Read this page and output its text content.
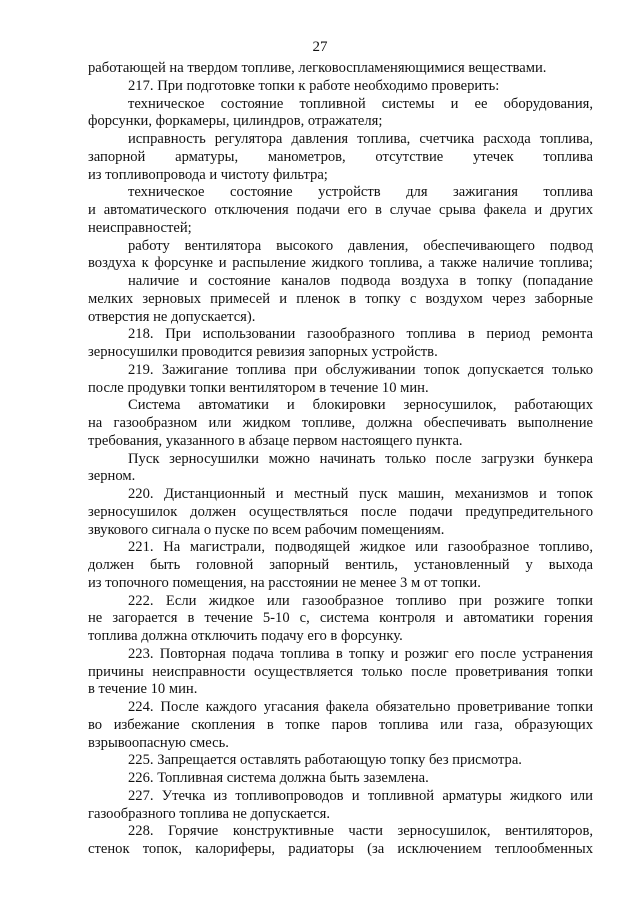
27
работающей на твердом топливе, легковоспламеняющимися веществами.
217. При подготовке топки к работе необходимо проверить:
техническое состояние топливной системы и ее оборудования,
форсунки, форкамеры, цилиндров, отражателя;
исправность регулятора давления топлива, счетчика расхода топлива,
запорной арматуры, манометров, отсутствие утечек топлива
из топливопровода и чистоту фильтра;
техническое состояние устройств для зажигания топлива
и автоматического отключения подачи его в случае срыва факела и других
неисправностей;
работу вентилятора высокого давления, обеспечивающего подвод
воздуха к форсунке и распыление жидкого топлива, а также наличие топлива;
наличие и состояние каналов подвода воздуха в топку (попадание
мелких зерновых примесей и пленок в топку с воздухом через заборные
отверстия не допускается).
218. При использовании газообразного топлива в период ремонта
зерносушилки проводится ревизия запорных устройств.
219. Зажигание топлива при обслуживании топок допускается только
после продувки топки вентилятором в течение 10 мин.
Система автоматики и блокировки зерносушилок, работающих
на газообразном или жидком топливе, должна обеспечивать выполнение
требования, указанного в абзаце первом настоящего пункта.
Пуск зерносушилки можно начинать только после загрузки бункера
зерном.
220. Дистанционный и местный пуск машин, механизмов и топок
зерносушилок должен осуществляться после подачи предупредительного
звукового сигнала о пуске по всем рабочим помещениям.
221. На магистрали, подводящей жидкое или газообразное топливо,
должен быть головной запорный вентиль, установленный у выхода
из топочного помещения, на расстоянии не менее 3 м от топки.
222. Если жидкое или газообразное топливо при розжиге топки
не загорается в течение 5-10 с, система контроля и автоматики горения
топлива должна отключить подачу его в форсунку.
223. Повторная подача топлива в топку и розжиг его после устранения
причины неисправности осуществляется только после проветривания топки
в течение 10 мин.
224. После каждого угасания факела обязательно проветривание топки
во избежание скопления в топке паров топлива или газа, образующих
взрывоопасную смесь.
225. Запрещается оставлять работающую топку без присмотра.
226. Топливная система должна быть заземлена.
227. Утечка из топливопроводов и топливной арматуры жидкого или
газообразного топлива не допускается.
228. Горячие конструктивные части зерносушилок, вентиляторов,
стенок топок, калориферы, радиаторы (за исключением теплообменных
